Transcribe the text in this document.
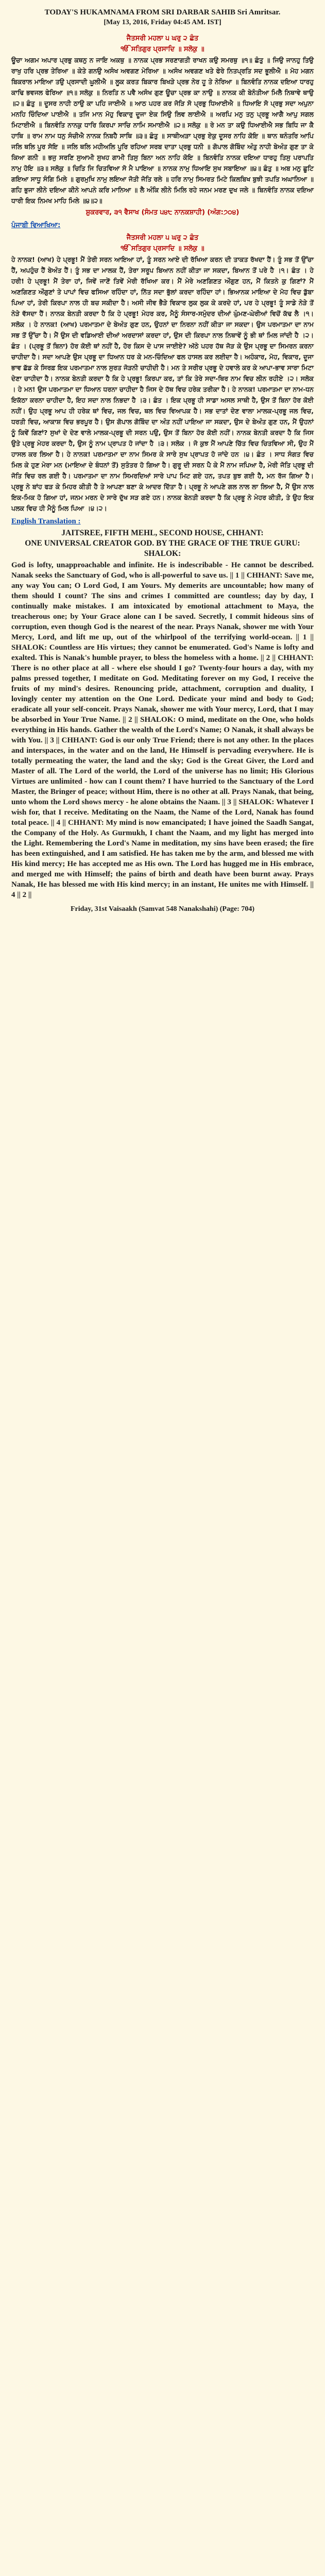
TODAY'S HUKAMNAMA FROM SRI DARBAR SAHIB Sri Amritsar.

[May 13, 2016, Friday 04:45 AM. IST]

ਜੈਤਸਰੀ ਮਹਲਾ ੫ ਘਰੁ ੨ ਛੰਤ
ੴ ਸਤਿਗੁਰ ਪ੍ਰਸਾਦਿ ॥ ਸਲੋਕੁ ॥

ਊਚਾ ਅਗਮ ਅਪਾਰ ਪ੍ਰਭੁ ਕਥਨੁ ਨ ਜਾਇ ਅਕਥੁ ॥ ਨਾਨਕ ਪ੍ਰਭ ਸਰਣਾਗਤੀ ਰਾਖਨ ਕਉ ਸਮਰਥੁ ॥੧॥ ਛੰਤੁ ॥ ਜਿਉ ਜਾਨਹੁ ਤਿਉ ਰਾਖੁ ਹਰਿ ਪ੍ਰਭ ਤੇਰਿਆ ॥ ਕੇਤੇ ਗਨਉ ਅਸੰਖ ਅਵਗਣ ਮੇਰਿਆ ॥ ਅਸੰਖ ਅਵਗਣ ਖਤੇ ਫੇਰੇ ਨਿਤਪ੍ਰਤਿ ਸਦ ਭੂਲੀਐ ॥ ਮੋਹ ਮਗਨ ਬਿਕਰਾਲ ਮਾਇਆ ਤਉ ਪ੍ਰਸਾਦੀ ਘੂਲੀਐ ॥ ਲੂਕ ਕਰਤ ਬਿਕਾਰ ਬਿਖੜੇ ਪ੍ਰਭ ਨੇਰ ਹੂ ਤੇ ਨੇਰਿਆ ॥ ਬਿਨਵੰਤਿ ਨਾਨਕ ਦਇਆ ਧਾਰਹੁ ਕਾਢਿ ਭਵਜਲ ਫੇਰਿਆ ॥੧॥ ਸਲੋਕੁ ॥ ਨਿਰਤਿ ਨ ਪਵੈ ਅਸੰਖ ਗੁਣ ਊਚਾ ਪ੍ਰਭ ਕਾ ਨਾਉ ॥ ਨਾਨਕ ਕੀ ਬੇਨੰਤੀਆ ਮਿਲੈ ਨਿਥਾਵੇ ਥਾਉ ॥੨॥ ਛੰਤੁ ॥ ਦੂਸਰ ਨਾਹੀ ਠਾਉ ਕਾ ਪਹਿ ਜਾਈਐ ॥ ਆਠ ਪਹਰ ਕਰ ਜੋੜਿ ਸੋ ਪ੍ਰਭੁ ਧਿਆਈਐ ॥ ਧਿਆਇ ਸੋ ਪ੍ਰਭੁ ਸਦਾ ਅਪੁਨਾ ਮਨਹਿ ਚਿੰਦਿਆ ਪਾਈਐ ॥ ਤਜਿ ਮਾਨ ਮੋਹੁ ਵਿਕਾਰੁ ਦੂਜਾ ਏਕ ਸਿਉ ਲਿਵ ਲਾਈਐ ॥ ਅਰਪਿ ਮਨੁ ਤਨੁ ਪ੍ਰਭੂ ਆਗੈ ਆਪੁ ਸਗਲ ਮਿਟਾਈਐ ॥ ਬਿਨਵੰਤਿ ਨਾਨਕੁ ਧਾਰਿ ਕਿਰਪਾ ਸਾਚਿ ਨਾਮਿ ਸਮਾਈਐ ॥੨॥ ਸਲੋਕੁ ॥ ਰੇ ਮਨ ਤਾ ਕਉ ਧਿਆਈਐ ਸਭ ਬਿਧਿ ਜਾ ਕੈ ਹਾਥਿ ॥ ਰਾਮ ਨਾਮ ਧਨੁ ਸੰਚੀਐ ਨਾਨਕ ਨਿਬਹੈ ਸਾਥਿ ॥੩॥ ਛੰਤੁ ॥ ਸਾਥੀਅੜਾ ਪ੍ਰਭੁ ਏਕੁ ਦੂਸਰ ਨਾਹਿ ਕੋਇ ॥ ਥਾਨ ਥਨੰਤਰਿ ਆਪਿ ਜਲਿ ਥਲਿ ਪੂਰ ਸੋਇ ॥ ਜਲਿ ਥਲਿ ਮਹੀਅਲਿ ਪੂਰਿ ਰਹਿਆ ਸਰਬ ਦਾਤਾ ਪ੍ਰਭੁ ਧਨੀ ॥ ਗੋਪਾਲ ਗੋਬਿੰਦ ਅੰਤੁ ਨਾਹੀ ਬੇਅੰਤ ਗੁਣ ਤਾ ਕੇ ਕਿਆ ਗਨੀ ॥ ਭਜੁ ਸਰਣਿ ਸੁਆਮੀ ਸੁਖਹ ਗਾਮੀ ਤਿਸੁ ਬਿਨਾ ਅਨ ਨਾਹਿ ਕੋਇ ॥ ਬਿਨਵੰਤਿ ਨਾਨਕ ਦਇਆ ਧਾਰਹੁ ਤਿਸੁ ਪਰਾਪਤਿ ਨਾਮੁ ਹੋਇ ॥੩॥ ਸਲੋਕੁ ॥ ਚਿਤਿ ਜਿ ਚਿਤਵਿਆ ਸੋ ਮੈ ਪਾਇਆ ॥ ਨਾਨਕ ਨਾਮੁ ਧਿਆਇ ਸੁਖ ਸਬਾਇਆ ॥੪॥ ਛੰਤੁ ॥ ਅਬ ਮਨੁ ਛੂਟਿ ਗਇਆ ਸਾਧੂ ਸੰਗਿ ਮਿਲੇ ॥ ਗੁਰਮੁਖਿ ਨਾਮੁ ਲਇਆ ਜੋਤੀ ਜੋਤਿ ਰਲੇ ॥ ਹਰਿ ਨਾਮੁ ਸਿਮਰਤ ਮਿਟੇ ਕਿਲਬਿਖ ਬੁਝੀ ਤਪਤਿ ਅਘਾਨਿਆ ॥ ਗਹਿ ਭੁਜਾ ਲੀਨੇ ਦਇਆ ਕੀਨੇ ਆਪਨੇ ਕਰਿ ਮਾਨਿਆ ॥ ਲੈ ਅੰਕਿ ਲੀਨੇ ਮਿਲਿ ਰਹੇ ਜਨਮ ਮਰਣ ਦੁਖ ਜਲੇ ॥ ਬਿਨਵੰਤਿ ਨਾਨਕ ਦਇਆ ਧਾਰੀ ਇਕ ਨਿਮਖ ਮਾਹਿ ਮਿਲੇ ॥੪॥੨॥

ਸ਼ੁਕਰਵਾਰ, ੩੧ ਵੈਸਾਖ (ਸੰਮਤ ੫੪੮ ਨਾਨਕਸ਼ਾਹੀ) (ਅੰਗ:੭੦੪)

ਪੰਜਾਬੀ ਵਿਆਖਿਆ:

ਜੈਤਸਰੀ ਮਹਲਾ ੫ ਘਰੁ ੨ ਛੰਤ
ੴ ਸਤਿਗੁਰ ਪ੍ਰਸਾਦਿ ॥ ਸਲੋਕੁ ॥

ਹੇ ਨਾਨਕ! (ਆਖ) ਹੇ ਪ੍ਰਭੂ! ਮੈਂ ਤੇਰੀ ਸਰਨ ਆਇਆ ਹਾਂ, ਤੂੰ ਸਰਨ ਆਏ ਦੀ ਰੱਖਿਆ ਕਰਨ ਦੀ ਤਾਕਤ ਰੱਖਦਾ ਹੈਂ। ਤੂੰ ਸਭ ਤੋਂ ਉੱਚਾ ਹੈਂ, ਅਪਹੁੰਚ ਹੈਂ ਬੇਅੰਤ ਹੈਂ। ਤੂੰ ਸਭ ਦਾ ਮਾਲਕ ਹੈਂ, ਤੇਰਾ ਸਰੂਪ ਬਿਆਨ ਨਹੀਂ ਕੀਤਾ ਜਾ ਸਕਦਾ, ਬਿਆਨ ਤੋਂ ਪਰੇ ਹੈ ।੧। ਛੰਤ । ਹੇ ਹਰੀ! ਹੇ ਪ੍ਰਭੂ! ਮੈਂ ਤੇਰਾ ਹਾਂ, ਜਿਵੇਂ ਜਾਣੇਂ ਤਿਵੇਂ ਮੇਰੀ ਰੱਖਿਆ ਕਰ। ਮੈਂ ਮੇਰੇ ਅਣਗਿਣਤ ਔਗੁਣ ਹਨ, ਮੈਂ ਕਿਤਨੇ ਕੁ ਗਿਣਾਂ? ਮੈਂ ਅਣਗਿਣਤ ਔਗੁਣਾਂ ਤੇ ਪਾਪਾਂ ਵਿਚ ਫਸਿਆ ਰਹਿੰਦਾ ਹਾਂ, ਨਿੱਤ ਸਦਾ ਭੁੱਲਾਂ ਕਰਦਾ ਰਹਿੰਦਾ ਹਾਂ। ਭਿਆਨਕ ਮਾਇਆ ਦੇ ਮੋਹ ਵਿਚ ਡੁੱਬਾ ਪਿਆ ਹਾਂ, ਤੇਰੀ ਕਿਰਪਾ ਨਾਲ ਹੀ ਬਚ ਸਕੀਦਾ ਹੈ। ਅਸੀ ਜੀਵ ਭੈੜੇ ਵਿਕਾਰ ਲੁਕ ਲੁਕ ਕੇ ਕਰਦੇ ਹਾਂ, ਪਰ ਹੇ ਪ੍ਰਭੂ! ਤੂੰ ਸਾਡੇ ਨੇੜੇ ਤੋਂ ਨੇੜੇ ਵੱਸਦਾ ਹੈਂ। ਨਾਨਕ ਬੇਨਤੀ ਕਰਦਾ ਹੈ ਕਿ ਹੇ ਪ੍ਰਭੂ! ਮੇਹਰ ਕਰ, ਮੈਨੂੰ ਸੰਸਾਰ-ਸਮੁੰਦਰ ਦੀਆਂ ਘੁੰਮਣ-ਘੇਰੀਆਂ ਵਿਚੋਂ ਕੱਢ ਲੈ ।੧। ਸਲੋਕ । ਹੇ ਨਾਨਕ! (ਆਖ) ਪਰਮਾਤਮਾ ਦੇ ਬੇਅੰਤ ਗੁਣ ਹਨ, ਉਹਨਾਂ ਦਾ ਨਿਰਨਾ ਨਹੀਂ ਕੀਤਾ ਜਾ ਸਕਦਾ। ਉਸ ਪਰਮਾਤਮਾ ਦਾ ਨਾਮ ਸਭ ਤੋਂ ਉੱਚਾ ਹੈ। ਮੈਂ ਉਸ ਦੀ ਵਡਿਆਈ ਦੀਆਂ ਅਰਦਾਸਾਂ ਕਰਦਾ ਹਾਂ, ਉਸ ਦੀ ਕਿਰਪਾ ਨਾਲ ਨਿਥਾਵੇਂ ਨੂੰ ਭੀ ਥਾਂ ਮਿਲ ਜਾਂਦੀ ਹੈ ।੨। ਛੰਤ । (ਪ੍ਰਭੂ ਤੋਂ ਬਿਨਾ) ਹੋਰ ਕੋਈ ਥਾਂ ਨਹੀਂ ਹੈ, ਹੋਰ ਕਿਸ ਦੇ ਪਾਸ ਜਾਈਏ? ਅੱਠੇ ਪਹਰ ਹੱਥ ਜੋੜ ਕੇ ਉਸ ਪ੍ਰਭੂ ਦਾ ਸਿਮਰਨ ਕਰਨਾ ਚਾਹੀਦਾ ਹੈ। ਸਦਾ ਆਪਣੇ ਉਸ ਪ੍ਰਭੂ ਦਾ ਧਿਆਨ ਧਰ ਕੇ ਮਨ-ਚਿੰਦਿਆ ਫਲ ਹਾਸਲ ਕਰ ਲਈਦਾ ਹੈ। ਅਹੰਕਾਰ, ਮੋਹ, ਵਿਕਾਰ, ਦੂਜਾ ਭਾਵ ਛੱਡ ਕੇ ਸਿਰਫ਼ ਇਕ ਪਰਮਾਤਮਾ ਨਾਲ ਸੁਰਤ ਜੋੜਨੀ ਚਾਹੀਦੀ ਹੈ। ਮਨ ਤੇ ਸਰੀਰ ਪ੍ਰਭੂ ਦੇ ਹਵਾਲੇ ਕਰ ਕੇ ਆਪਾ-ਭਾਵ ਸਾਰਾ ਮਿਟਾ ਦੇਣਾ ਚਾਹੀਦਾ ਹੈ। ਨਾਨਕ ਬੇਨਤੀ ਕਰਦਾ ਹੈ ਕਿ ਹੇ ਪ੍ਰਭੂ! ਕਿਰਪਾ ਕਰ, ਤਾਂ ਕਿ ਤੇਰੇ ਸਦਾ-ਥਿਰ ਨਾਮ ਵਿਚ ਲੀਨ ਰਹੀਏ ।੨। ਸਲੋਕ । ਹੇ ਮਨ! ਉਸ ਪਰਮਾਤਮਾ ਦਾ ਧਿਆਨ ਧਰਨਾ ਚਾਹੀਦਾ ਹੈ ਜਿਸ ਦੇ ਹੱਥ ਵਿਚ ਹਰੇਕ ਤਰੀਕਾ ਹੈ। ਹੇ ਨਾਨਕ! ਪਰਮਾਤਮਾ ਦਾ ਨਾਮ-ਧਨ ਇਕੱਠਾ ਕਰਨਾ ਚਾਹੀਦਾ ਹੈ, ਇਹ ਸਦਾ ਨਾਲ ਨਿਭਦਾ ਹੈ ।੩। ਛੰਤ । ਇਕ ਪ੍ਰਭੂ ਹੀ ਸਾਡਾ ਅਸਲ ਸਾਥੀ ਹੈ, ਉਸ ਤੋਂ ਬਿਨਾ ਹੋਰ ਕੋਈ ਨਹੀਂ। ਉਹ ਪ੍ਰਭੂ ਆਪ ਹੀ ਹਰੇਕ ਥਾਂ ਵਿਚ, ਜਲ ਵਿਚ, ਥਲ ਵਿਚ ਵਿਆਪਕ ਹੈ। ਸਭ ਦਾਤਾਂ ਦੇਣ ਵਾਲਾ ਮਾਲਕ-ਪ੍ਰਭੂ ਜਲ ਵਿਚ, ਧਰਤੀ ਵਿਚ, ਆਕਾਸ਼ ਵਿਚ ਭਰਪੂਰ ਹੈ। ਉਸ ਗੋਪਾਲ ਗੋਬਿੰਦ ਦਾ ਅੰਤ ਨਹੀਂ ਪਾਇਆ ਜਾ ਸਕਦਾ, ਉਸ ਦੇ ਬੇਅੰਤ ਗੁਣ ਹਨ, ਮੈਂ ਉਹਨਾਂ ਨੂੰ ਕਿਵੇਂ ਗਿਣਾਂ? ਸੁਖਾਂ ਦੇ ਦੇਣ ਵਾਲੇ ਮਾਲਕ-ਪ੍ਰਭੂ ਦੀ ਸਰਨ ਪਉ, ਉਸ ਤੋਂ ਬਿਨਾ ਹੋਰ ਕੋਈ ਨਹੀਂ। ਨਾਨਕ ਬੇਨਤੀ ਕਰਦਾ ਹੈ ਕਿ ਜਿਸ ਉਤੇ ਪ੍ਰਭੂ ਮੇਹਰ ਕਰਦਾ ਹੈ, ਉਸ ਨੂੰ ਨਾਮ ਪ੍ਰਾਪਤ ਹੋ ਜਾਂਦਾ ਹੈ ।੩। ਸਲੋਕ । ਜੋ ਕੁਝ ਮੈਂ ਆਪਣੇ ਚਿੱਤ ਵਿਚ ਚਿਤਵਿਆ ਸੀ, ਉਹ ਮੈਂ ਹਾਸਲ ਕਰ ਲਿਆ ਹੈ। ਹੇ ਨਾਨਕ! ਪਰਮਾਤਮਾ ਦਾ ਨਾਮ ਸਿਮਰ ਕੇ ਸਾਰੇ ਸੁਖ ਪ੍ਰਾਪਤ ਹੋ ਜਾਂਦੇ ਹਨ ।੪। ਛੰਤ । ਸਾਧ ਸੰਗਤ ਵਿਚ ਮਿਲ ਕੇ ਹੁਣ ਮੇਰਾ ਮਨ (ਮਾਇਆ ਦੇ ਬੰਧਨਾਂ ਤੋਂ) ਸੁਤੰਤਰ ਹੋ ਗਿਆ ਹੈ। ਗੁਰੂ ਦੀ ਸਰਨ ਪੈ ਕੇ ਮੈਂ ਨਾਮ ਜਪਿਆ ਹੈ, ਮੇਰੀ ਜੋਤਿ ਪ੍ਰਭੂ ਦੀ ਜੋਤਿ ਵਿਚ ਰਲ ਗਈ ਹੈ। ਪਰਮਾਤਮਾ ਦਾ ਨਾਮ ਸਿਮਰਦਿਆਂ ਸਾਰੇ ਪਾਪ ਮਿਟ ਗਏ ਹਨ, ਤਪਤ ਬੁਝ ਗਈ ਹੈ, ਮਨ ਰੱਜ ਗਿਆ ਹੈ। ਪ੍ਰਭੂ ਨੇ ਬਾਂਹ ਫੜ ਕੇ ਮਿਹਰ ਕੀਤੀ ਹੈ ਤੇ ਆਪਣਾ ਬਣਾ ਕੇ ਆਦਰ ਦਿੱਤਾ ਹੈ। ਪ੍ਰਭੂ ਨੇ ਆਪਣੇ ਗਲ ਨਾਲ ਲਾ ਲਿਆ ਹੈ, ਮੈਂ ਉਸ ਨਾਲ ਇਕ-ਮਿਕ ਹੋ ਗਿਆ ਹਾਂ, ਜਨਮ ਮਰਨ ਦੇ ਸਾਰੇ ਦੁੱਖ ਸੜ ਗਏ ਹਨ। ਨਾਨਕ ਬੇਨਤੀ ਕਰਦਾ ਹੈ ਕਿ ਪ੍ਰਭੂ ਨੇ ਮੇਹਰ ਕੀਤੀ, ਤੇ ਉਹ ਇਕ ਪਲਕ ਵਿਚ ਹੀ ਮੈਨੂੰ ਮਿਲ ਪਿਆ ।੪।੨।

English Translation :

JAITSREE, FIFTH MEHL, SECOND HOUSE, CHHANT:
ONE UNIVERSAL CREATOR GOD. BY THE GRACE OF THE TRUE GURU: SHALOK:

God is lofty, unapproachable and infinite. He is indescribable - He cannot be described. Nanak seeks the Sanctuary of God, who is all-powerful to save us. || 1 || CHHANT: Save me, any way You can; O Lord God, I am Yours. My demerits are uncountable; how many of them should I count? The sins and crimes I committed are countless; day by day, I continually make mistakes. I am intoxicated by emotional attachment to Maya, the treacherous one; by Your Grace alone can I be saved. Secretly, I commit hideous sins of corruption, even though God is the nearest of the near. Prays Nanak, shower me with Your Mercy, Lord, and lift me up, out of the whirlpool of the terrifying world-ocean. || 1 || SHALOK: Countless are His virtues; they cannot be enumerated. God's Name is lofty and exalted. This is Nanak's humble prayer, to bless the homeless with a home. || 2 || CHHANT: There is no other place at all - where else should I go? Twenty-four hours a day, with my palms pressed together, I meditate on God. Meditating forever on my God, I receive the fruits of my mind's desires. Renouncing pride, attachment, corruption and duality, I lovingly center my attention on the One Lord. Dedicate your mind and body to God; eradicate all your self-conceit. Prays Nanak, shower me with Your mercy, Lord, that I may be absorbed in Your True Name. || 2 || SHALOK: O mind, meditate on the One, who holds everything in His hands. Gather the wealth of the Lord's Name; O Nanak, it shall always be with You. || 3 || CHHANT: God is our only True Friend; there is not any other. In the places and interspaces, in the water and on the land, He Himself is pervading everywhere. He is totally permeating the water, the land and the sky; God is the Great Giver, the Lord and Master of all. The Lord of the world, the Lord of the universe has no limit; His Glorious Virtues are unlimited - how can I count them? I have hurried to the Sanctuary of the Lord Master, the Bringer of peace; without Him, there is no other at all. Prays Nanak, that being, unto whom the Lord shows mercy - he alone obtains the Naam. || 3 || SHALOK: Whatever I wish for, that I receive. Meditating on the Naam, the Name of the Lord, Nanak has found total peace. || 4 || CHHANT: My mind is now emancipated; I have joined the Saadh Sangat, the Company of the Holy. As Gurmukh, I chant the Naam, and my light has merged into the Light. Remembering the Lord's Name in meditation, my sins have been erased; the fire has been extinguished, and I am satisfied. He has taken me by the arm, and blessed me with His kind mercy; He has accepted me as His own. The Lord has hugged me in His embrace, and merged me with Himself; the pains of birth and death have been burnt away. Prays Nanak, He has blessed me with His kind mercy; in an instant, He unites me with Himself. || 4 || 2 ||

Friday, 31st Vaisaakh (Samvat 548 Nanakshahi) (Page: 704)
